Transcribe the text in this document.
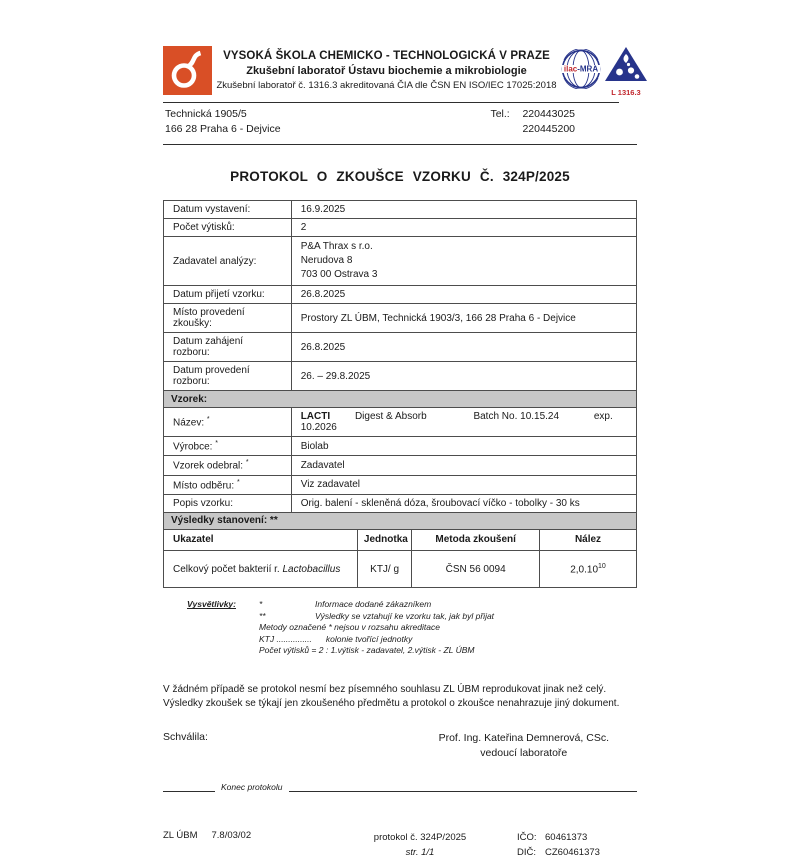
VYSOKÁ ŠKOLA CHEMICKO - TECHNOLOGICKÁ V PRAZE
Zkušební laboratoř Ústavu biochemie a mikrobiologie
Zkušební laboratoř č. 1316.3 akreditovaná ČIA dle ČSN EN ISO/IEC 17025:2018
ilac-MRA
L 1316.3
Technická 1905/5
166 28 Praha 6 - Dejvice
Tel.: 220443025
220445200
PROTOKOL O ZKOUŠCE VZORKU Č. 324P/2025
Datum vystavení:	16.9.2025
Počet výtisků:	2
Zadavatel analýzy:	P&A Thrax s r.o.
Nerudova 8
703 00 Ostrava 3

Datum přijetí vzorku:	26.8.2025
Místo provedení zkoušky:	Prostory ZL ÚBM, Technická 1903/3, 166 28 Praha 6 - Dejvice
Datum zahájení rozboru:	26.8.2025
Datum provedení rozboru:	26. – 29.8.2025
Vzorek:
Název: *	LACTI Digest & Absorb Batch No. 10.15.24 exp. 10.2026
Výrobce: *	Biolab
Vzorek odebral: *	Zadavatel
Místo odběru: *	Viz zadavatel
Popis vzorku:	Orig. balení - skleněná dóza, šroubovací víčko - tobolky - 30 ks
Výsledky stanovení: **
Ukazatel	Jednotka	Metoda zkoušení	Nález
Celkový počet bakterií r. Lactobacillus	KTJ/ g	ČSN 56 0094	2,0.10$^{10}$
Vysvětlivky:	*	Informace dodané zákazníkem
**	Výsledky se vztahují ke vzorku tak, jak byl přijat
Metody označené * nejsou v rozsahu akreditace
KTJ ...............	kolonie tvořící jednotky
Počet výtisků = 2 : 1.výtisk - zadavatel, 2.výtisk - ZL ÚBM

V žádném případě se protokol nesmí bez písemného souhlasu ZL ÚBM reprodukovat jinak než celý. Výsledky zkoušek se týkají jen zkoušeného předmětu a protokol o zkoušce nenahrazuje jiný dokument.

Schválila:	Prof. Ing. Kateřina Demnerová, CSc.
vedoucí laboratoře
Konec protokolu
ZL ÚBM 7.8/03/02	protokol č. 324P/2025
str. 1/1
IČO: 60461373
DIČ: CZ60461373
